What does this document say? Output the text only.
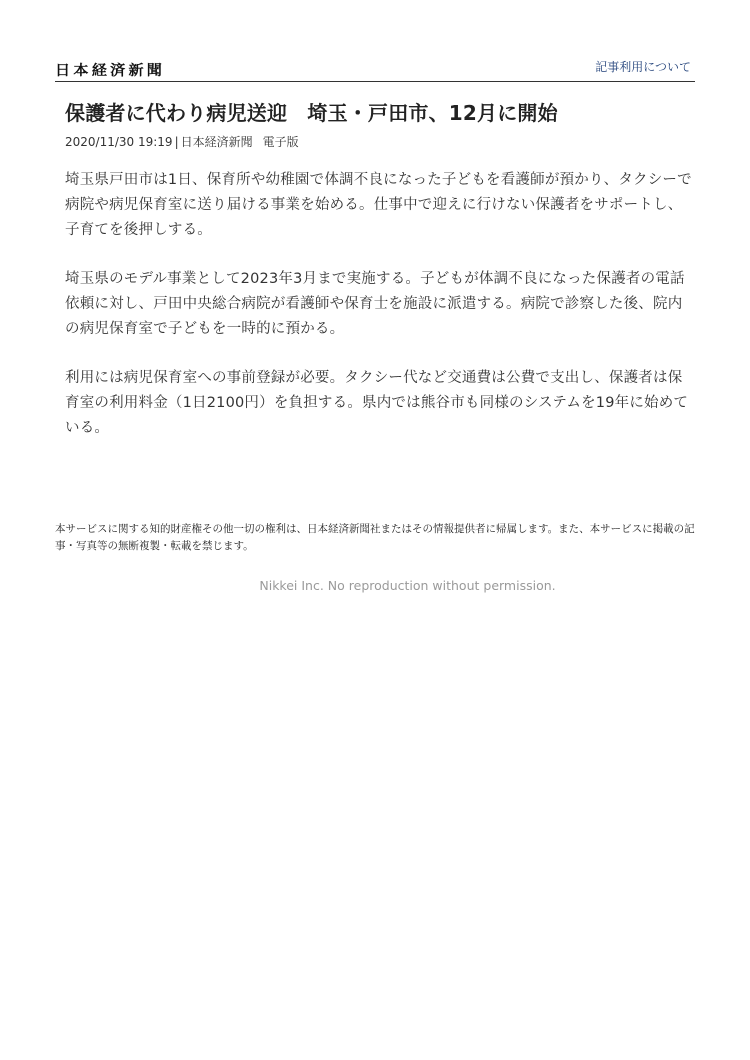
日本経済新聞	記事利用について
保護者に代わり病児送迎　埼玉・戸田市、12月に開始
2020/11/30 19:19 | 日本経済新聞 電子版

埼玉県戸田市は1日、保育所や幼稚園で体調不良になった子どもを看護師が預かり、タクシーで病院や病児保育室に送り届ける事業を始める。仕事中で迎えに行けない保護者をサポートし、子育てを後押しする。

埼玉県のモデル事業として2023年3月まで実施する。子どもが体調不良になった保護者の電話依頼に対し、戸田中央総合病院が看護師や保育士を施設に派遣する。病院で診察した後、院内の病児保育室で子どもを一時的に預かる。

利用には病児保育室への事前登録が必要。タクシー代など交通費は公費で支出し、保護者は保育室の利用料金（1日2100円）を負担する。県内では熊谷市も同様のシステムを19年に始めている。

本サービスに関する知的財産権その他一切の権利は、日本経済新聞社またはその情報提供者に帰属します。また、本サービスに掲載の記事・写真等の無断複製・転載を禁じます。

Nikkei Inc. No reproduction without permission.
